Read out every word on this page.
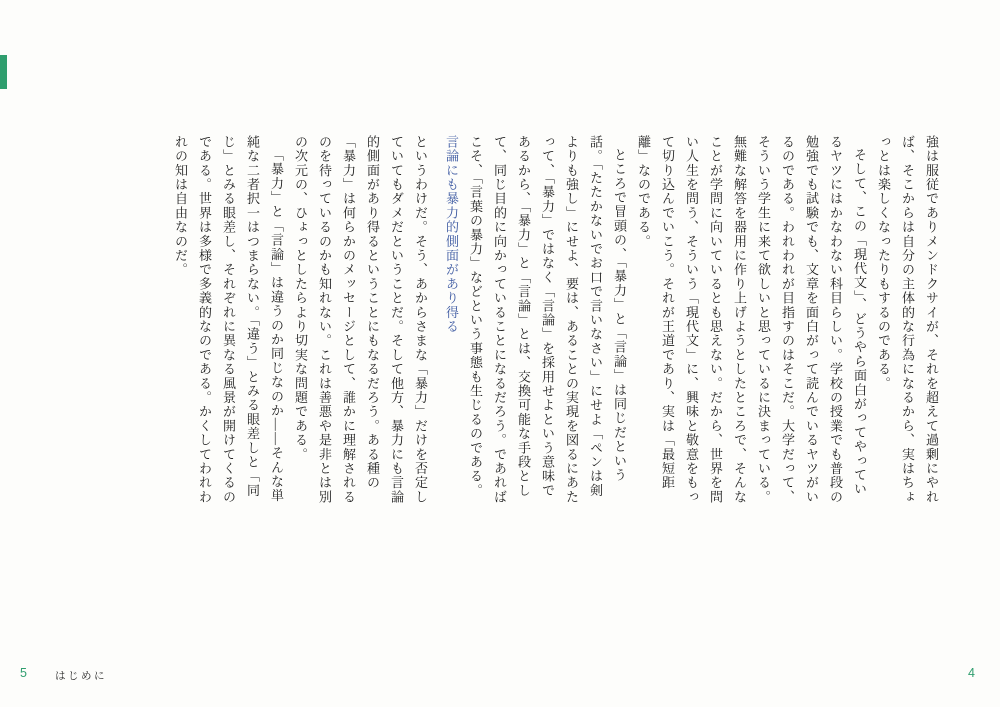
強は服従でありメンドクサイが、それを超えて過剰にやれば、そこからは自分の主体的な行為になるから、実はちょっとは楽しくなったりもするのである。

そして、この「現代文」、どうやら面白がってやっているヤツにはかなわない科目らしい。学校の授業でも普段の勉強でも試験でも、文章を面白がって読んでいるヤツがいるのである。われわれが目指すのはそこだ。大学だって、そういう学生に来て欲しいと思っているに決まっている。無難な解答を器用に作り上げようとしたところで、そんなことが学問に向いているとも思えない。だから、世界を問い人生を問う、そういう「現代文」に、興味と敬意をもって切り込んでいこう。それが王道であり、実は「最短距離」なのである。

ところで冒頭の、「暴力」と「言論」は同じだという話。「たたかないでお口で言いなさい」にせよ「ペンは剣よりも強し」にせよ、要は、あることの実現を図るにあたって、「暴力」ではなく「言論」を採用せよという意味であるから、「暴力」と「言論」とは、交換可能な手段として、同じ目的に向かっていることになるだろう。であればこそ、「言葉の暴力」などという事態も生じるのである。言論にも暴力的側面があり得る

というわけだ。そう、あからさまな「暴力」だけを否定していてもダメだということだ。そして他方、暴力にも言論的側面があり得るということにもなるだろう。ある種の「暴力」は何らかのメッセージとして、誰かに理解されるのを待っているのかも知れない。これは善悪や是非とは別の次元の、ひょっとしたらより切実な問題である。

「暴力」と「言論」は違うのか同じなのか――そんな単純な二者択一はつまらない。「違う」とみる眼差しと「同じ」とみる眼差し、それぞれに異なる風景が開けてくるのである。世界は多様で多義的なのである。かくしてわれわれの知は自由なのだ。

5	はじめに	4
